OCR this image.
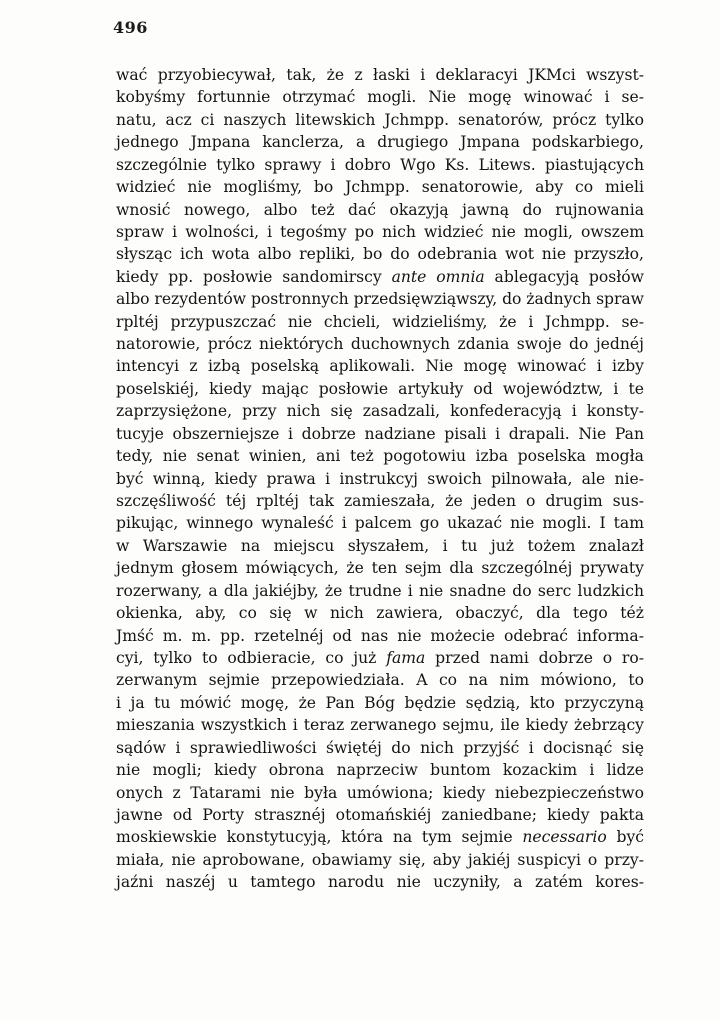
496
wać przyobiecywał, tak, że z łaski i deklaracyi JKMci wszyst-
kobyśmy fortunnie otrzymać mogli. Nie mogę winować i se-
natu, acz ci naszych litewskich Jchmpp. senatorów, prócz tylko
jednego Jmpana kanclerza, a drugiego Jmpana podskarbiego,
szczególnie tylko sprawy i dobro Wgo Ks. Litews. piastujących
widzieć nie mogliśmy, bo Jchmpp. senatorowie, aby co mieli
wnosić nowego, albo też dać okazyją jawną do rujnowania
spraw i wolności, i tegośmy po nich widzieć nie mogli, owszem
słysząc ich wota albo repliki, bo do odebrania wot nie przyszło,
kiedy pp. posłowie sandomirscy ante omnia ablegacyją posłów
albo rezydentów postronnych przedsięwziąwszy, do żadnych spraw
rpltéj przypuszczać nie chcieli, widzieliśmy, że i Jchmpp. se-
natorowie, prócz niektórych duchownych zdania swoje do jednéj
intencyi z izbą poselską aplikowali. Nie mogę winować i izby
poselskiéj, kiedy mając posłowie artykuły od województw, i te
zaprzysiężone, przy nich się zasadzali, konfederacyją i konsty-
tucyje obszerniejsze i dobrze nadziane pisali i drapali. Nie Pan
tedy, nie senat winien, ani też pogotowiu izba poselska mogła
być winną, kiedy prawa i instrukcyj swoich pilnowała, ale nie-
szczęśliwość téj rpltéj tak zamieszała, że jeden o drugim sus-
pikując, winnego wynaleść i palcem go ukazać nie mogli. I tam
w Warszawie na miejscu słyszałem, i tu już tożem znalazł
jednym głosem mówiących, że ten sejm dla szczególnéj prywaty
rozerwany, a dla jakiéjby, że trudne i nie snadne do serc ludzkich
okienka, aby, co się w nich zawiera, obaczyć, dla tego téż
Jmść m. m. pp. rzetelnéj od nas nie możecie odebrać informa-
cyi, tylko to odbieracie, co już fama przed nami dobrze o ro-
zerwanym sejmie przepowiedziała. A co na nim mówiono, to
i ja tu mówić mogę, że Pan Bóg będzie sędzią, kto przyczyną
mieszania wszystkich i teraz zerwanego sejmu, ile kiedy żebrzący
sądów i sprawiedliwości świętéj do nich przyjść i docisnąć się
nie mogli; kiedy obrona naprzeciw buntom kozackim i lidze
onych z Tatarami nie była umówiona; kiedy niebezpieczeństwo
jawne od Porty strasznéj otomańskiéj zaniedbane; kiedy pakta
moskiewskie konstytucyją, która na tym sejmie necessario być
miała, nie aprobowane, obawiamy się, aby jakiéj suspicyi o przy-
jaźni naszéj u tamtego narodu nie uczyniły, a zatém kores-
